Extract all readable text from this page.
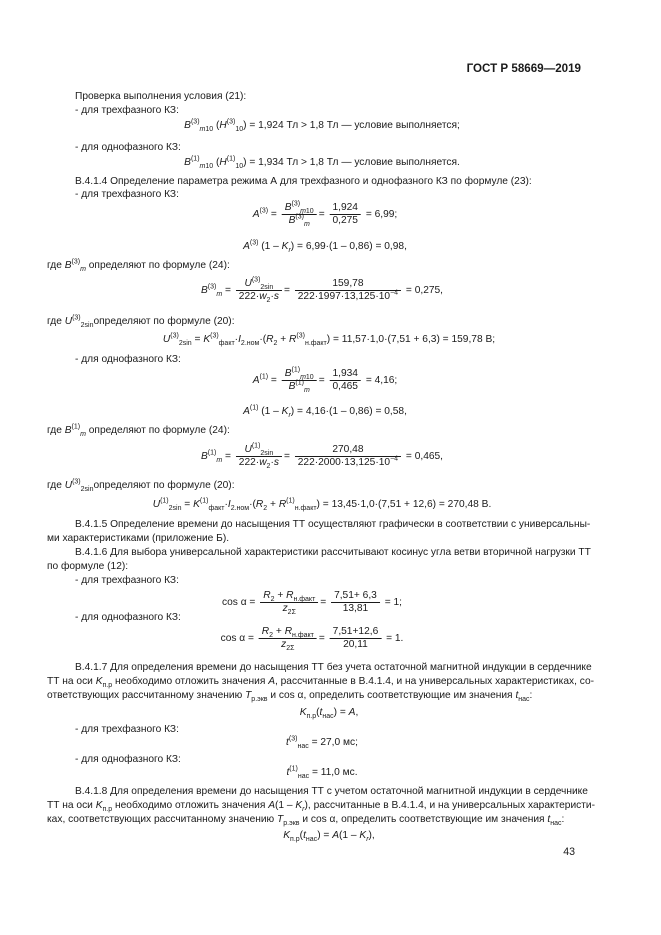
ГОСТ Р 58669—2019
Проверка выполнения условия (21):
- для трехфазного КЗ:
$B^{(3)}_{m10}$ $(H^{(3)}_{10}) = 1,924$ Тл > 1,8 Тл — условие выполняется;
- для однофазного КЗ:
$B^{(1)}_{m10}$ $(H^{(1)}_{10}) = 1,934$ Тл > 1,8 Тл — условие выполняется.
В.4.1.4 Определение параметра режима А для трехфазного и однофазного КЗ по формуле (23):
- для трехфазного КЗ:
$A^{(3)} = \frac{B^{(3)}_{m10}}{B^{(3)}_m} = \frac{1,924}{0,275} = 6,99$;
$A^{(3)}$ $(1 - K_r) = 6,99\cdot(1 - 0,86) = 0,98$,
где $B^{(3)}_m$ определяют по формуле (24):
$B^{(3)}_m = \frac{U^{(3)}_{2sin}}{222\cdot w_2\cdot s} = \frac{159,78}{222\cdot 1997\cdot 13,125\cdot 10^{-4}} = 0,275$,
где $U^{(3)}_{2sin}определяют$ по формуле (20):
$U^{(3)}_{2sin} = K^{(3)}_{факт}\cdot I_{2.ном}\cdot(R_2 + R^{(3)}_{н.факт}) = 11,57\cdot 1,0\cdot(7,51 + 6,3) = 159,78$ В;
- для однофазного КЗ:
$A^{(1)} = \frac{B^{(1)}_{m10}}{B^{(1)}_m} = \frac{1,934}{0,465} = 4,16$;
$A^{(1)}$ $(1 - K_r) = 4,16\cdot(1 - 0,86) = 0,58$,
где $B^{(1)}_m$ определяют по формуле (24):
$B^{(1)}_m = \frac{U^{(1)}_{2sin}}{222\cdot w_2\cdot s} = \frac{270,48}{222\cdot 2000\cdot 13,125\cdot 10^{-4}} = 0,465$,
где $U^{(3)}_{2sin}определяют$ по формуле (20):
$U^{(1)}_{2sin} = K^{(1)}_{факт}\cdot I_{2.ном}\cdot(R_2 + R^{(1)}_{н.факт}) = 13,45\cdot 1,0\cdot(7,51 + 12,6) = 270,48$ В.
В.4.1.5 Определение времени до насыщения ТТ осуществляют графически в соответствии с универсальны-
ми характеристиками (приложение Б).
В.4.1.6 Для выбора универсальной характеристики рассчитывают косинус угла ветви вторичной нагрузки ТТ
по формуле (12):
- для трехфазного КЗ:
cos α =
$R_2 + R_{н.факт}$
$z_{2\Sigma}$
= $\frac{7,51+ 6,3}{13,81} = 1$;
- для однофазного КЗ:
cos α =
$R_2 + R_{н.факт}$
$z_{2\Sigma}$
= $\frac{7,51+12,6}{20,11} = 1$.
В.4.1.7 Для определения времени до насыщения ТТ без учета остаточной магнитной индукции в сердечнике
ТТ на оси $K_{п.р}$ необходимо отложить значения A, рассчитанные в В.4.1.4, и на универсальных характеристиках, со-
ответствующих рассчитанному значению $T_{р.экв}$ и cos α, определить соответствующие им значения $t_{нас}$:
$K_{п.р}(t_{нас}) = A$,
- для трехфазного КЗ:
$t^{(3)}_{нас} = 27,0$ мс;
- для однофазного КЗ:
$t^{(1)}_{нас} = 11,0$ мс.
В.4.1.8 Для определения времени до насыщения ТТ с учетом остаточной магнитной индукции в сердечнике
ТТ на оси $K_{п.р}$ необходимо отложить значения $A(1 - K_r)$, рассчитанные в В.4.1.4, и на универсальных характеристи-
ках, соответствующих рассчитанному значению $T_{р.экв}$ и cos α, определить соответствующие им значения $t_{нас}$:
$K_{п.р}(t_{нас}) = A(1 - K_r)$,
43
